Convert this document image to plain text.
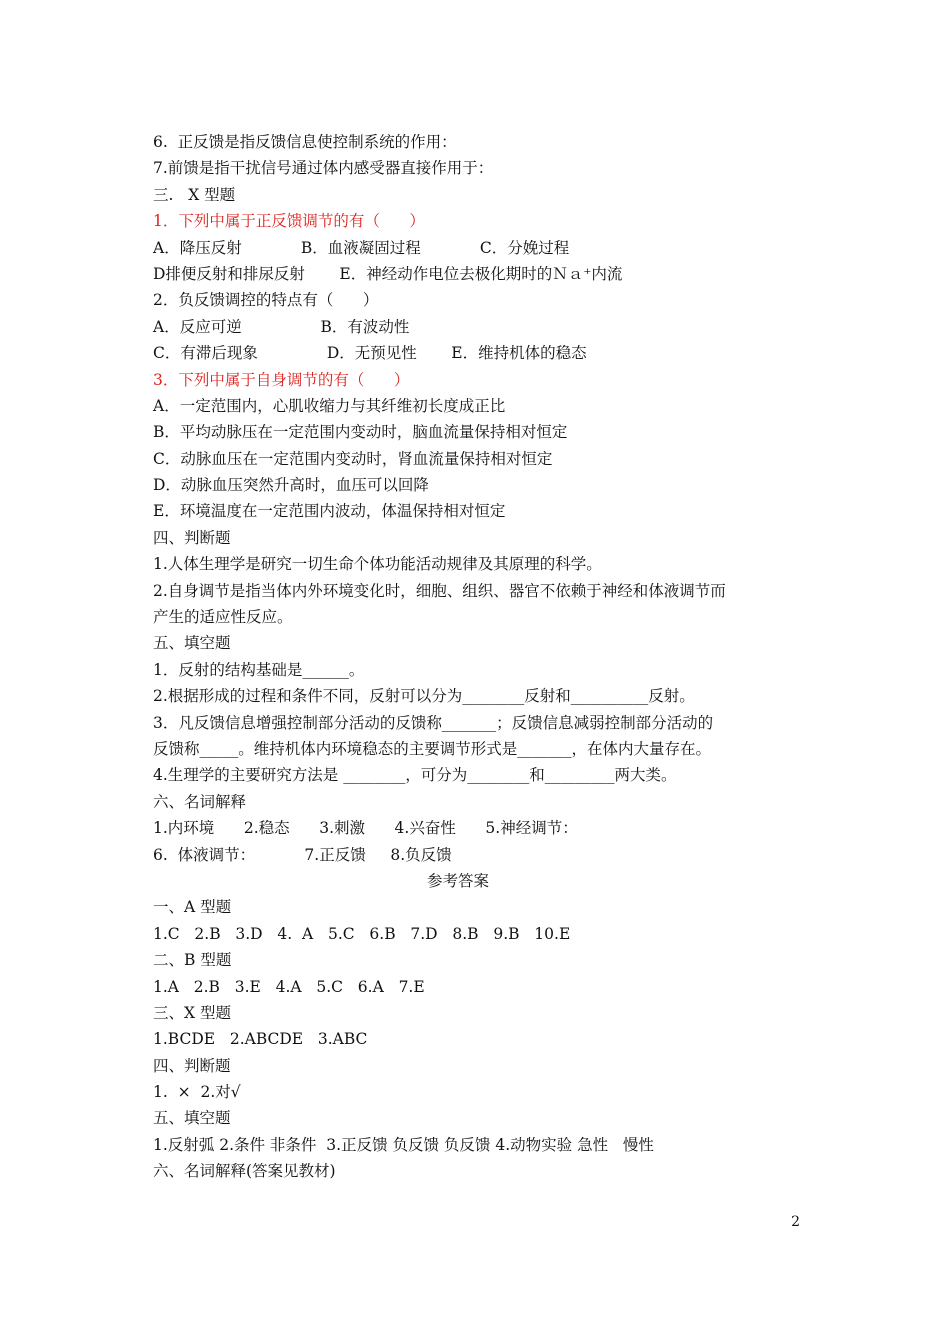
6.  正反馈是指反馈信息使控制系统的作用：
7.前馈是指干扰信号通过体内感受器直接作用于：
三.   X 型题
1．下列中属于正反馈调节的有（      ）
A．降压反射            B．血液凝固过程            C．分娩过程
D排便反射和排尿反射       E．神经动作电位去极化期时的Ｎａ⁺内流
2．负反馈调控的特点有（      ）
A．反应可逆                B．有波动性
C．有滞后现象              D．无预见性       E．维持机体的稳态
3．下列中属于自身调节的有（      ）
A．一定范围内，心肌收缩力与其纤维初长度成正比
B．平均动脉压在一定范围内变动时，脑血流量保持相对恒定
C．动脉血压在一定范围内变动时，肾血流量保持相对恒定
D．动脉血压突然升高时，血压可以回降
E．环境温度在一定范围内波动，体温保持相对恒定
四、判断题
1.人体生理学是研究一切生命个体功能活动规律及其原理的科学。
2.自身调节是指当体内外环境变化时，细胞、组织、器官不依赖于神经和体液调节而
产生的适应性反应。
五、填空题
1．反射的结构基础是______。
2.根据形成的过程和条件不同，反射可以分为________反射和__________反射。
3．凡反馈信息增强控制部分活动的反馈称_______；反馈信息减弱控制部分活动的
反馈称_____。维持机体内环境稳态的主要调节形式是_______，在体内大量存在。
4.生理学的主要研究方法是 ________，可分为________和_________两大类。
六、名词解释
1.内环境      2.稳态      3.刺激      4.兴奋性      5.神经调节：
6.  体液调节：          7.正反馈     8.负反馈
参考答案
一、A 型题
1.C   2.B   3.D   4.  A   5.C   6.B   7.D   8.B   9.B   10.E
二、B 型题
1.A   2.B   3.E   4.A   5.C   6.A   7.E
三、X 型题
1.BCDE   2.ABCDE   3.ABC
四、判断题
1.  ×  2.对√
五、填空题
1.反射弧 2.条件 非条件  3.正反馈 负反馈 负反馈 4.动物实验 急性   慢性
六、名词解释(答案见教材)
2
